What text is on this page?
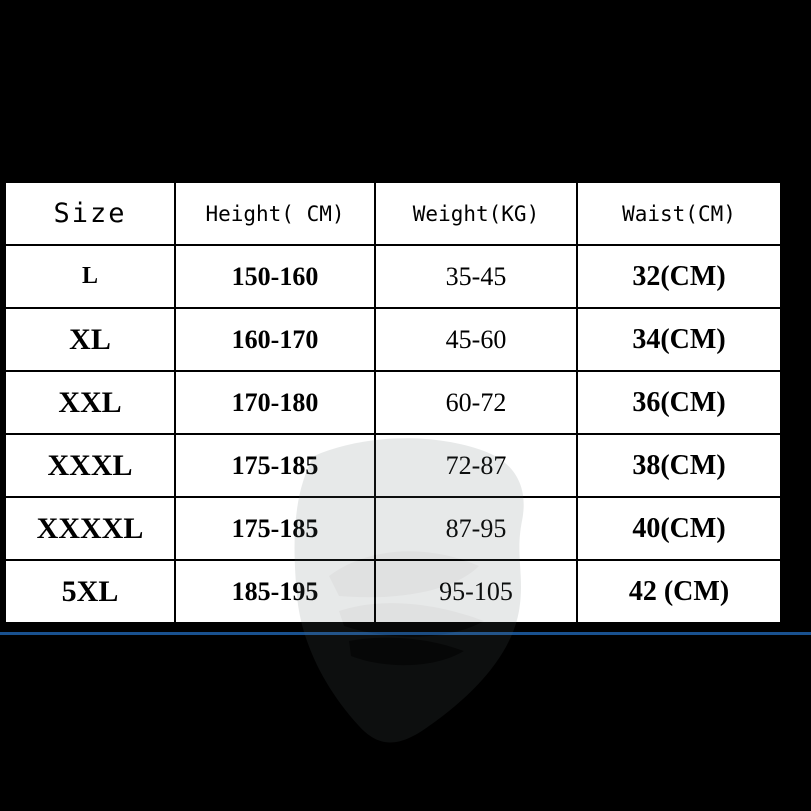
Size	Height( CM)	Weight(KG)	Waist(CM)
L	150-160	35-45	32(CM)
XL	160-170	45-60	34(CM)
XXL	170-180	60-72	36(CM)
XXXL	175-185	72-87	38(CM)
XXXXL	175-185	87-95	40(CM)
5XL	185-195	95-105	42 (CM)
